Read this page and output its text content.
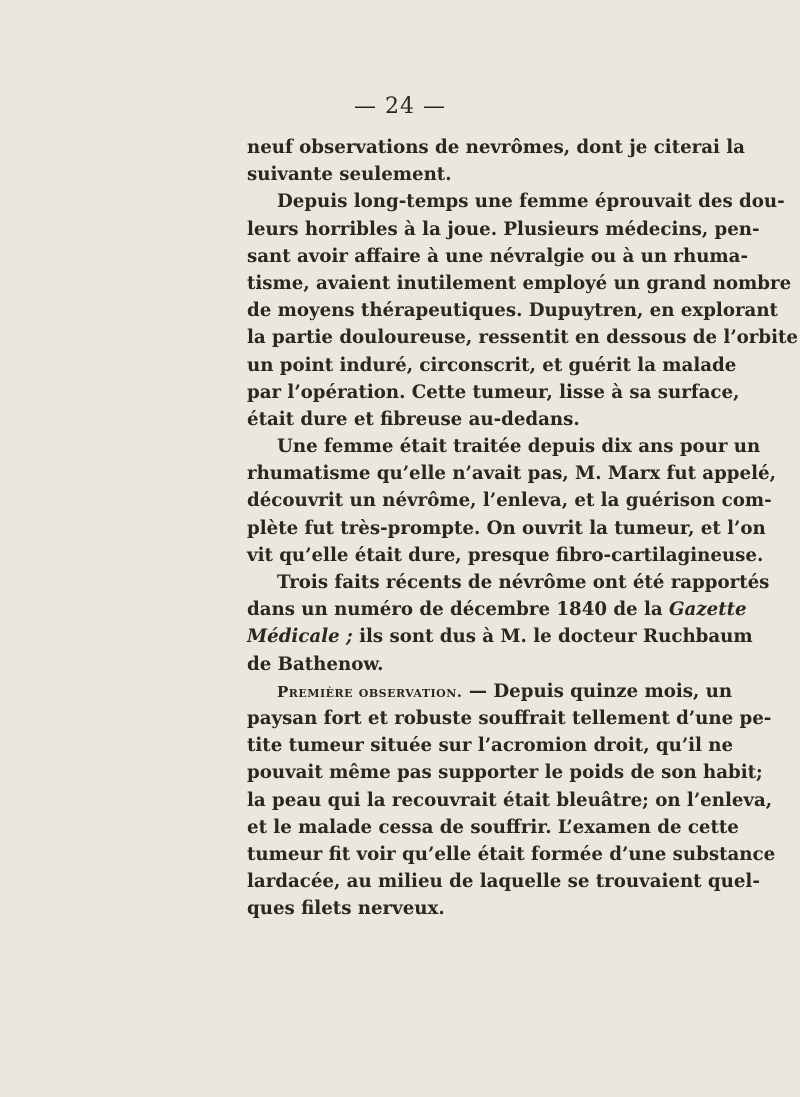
— 24 —
neuf observations de nevrômes, dont je citerai la
suivante seulement.
Depuis long-temps une femme éprouvait des dou-
leurs horribles à la joue. Plusieurs médecins, pen-
sant avoir affaire à une névralgie ou à un rhuma-
tisme, avaient inutilement employé un grand nombre
de moyens thérapeutiques. Dupuytren, en explorant
la partie douloureuse, ressentit en dessous de l’orbite
un point induré, circonscrit, et guérit la malade
par l’opération. Cette tumeur, lisse à sa surface,
était dure et fibreuse au-dedans.
Une femme était traitée depuis dix ans pour un
rhumatisme qu’elle n’avait pas, M. Marx fut appelé,
découvrit un névrôme, l’enleva, et la guérison com-
plète fut très-prompte. On ouvrit la tumeur, et l’on
vit qu’elle était dure, presque fibro-cartilagineuse.
Trois faits récents de névrôme ont été rapportés
dans un numéro de décembre 1840 de la Gazette
Médicale ; ils sont dus à M. le docteur Ruchbaum
de Bathenow.
Première observation. — Depuis quinze mois, un
paysan fort et robuste souffrait tellement d’une pe-
tite tumeur située sur l’acromion droit, qu’il ne
pouvait même pas supporter le poids de son habit;
la peau qui la recouvrait était bleuâtre; on l’enleva,
et le malade cessa de souffrir. L’examen de cette
tumeur fit voir qu’elle était formée d’une substance
lardacée, au milieu de laquelle se trouvaient quel-
ques filets nerveux.
